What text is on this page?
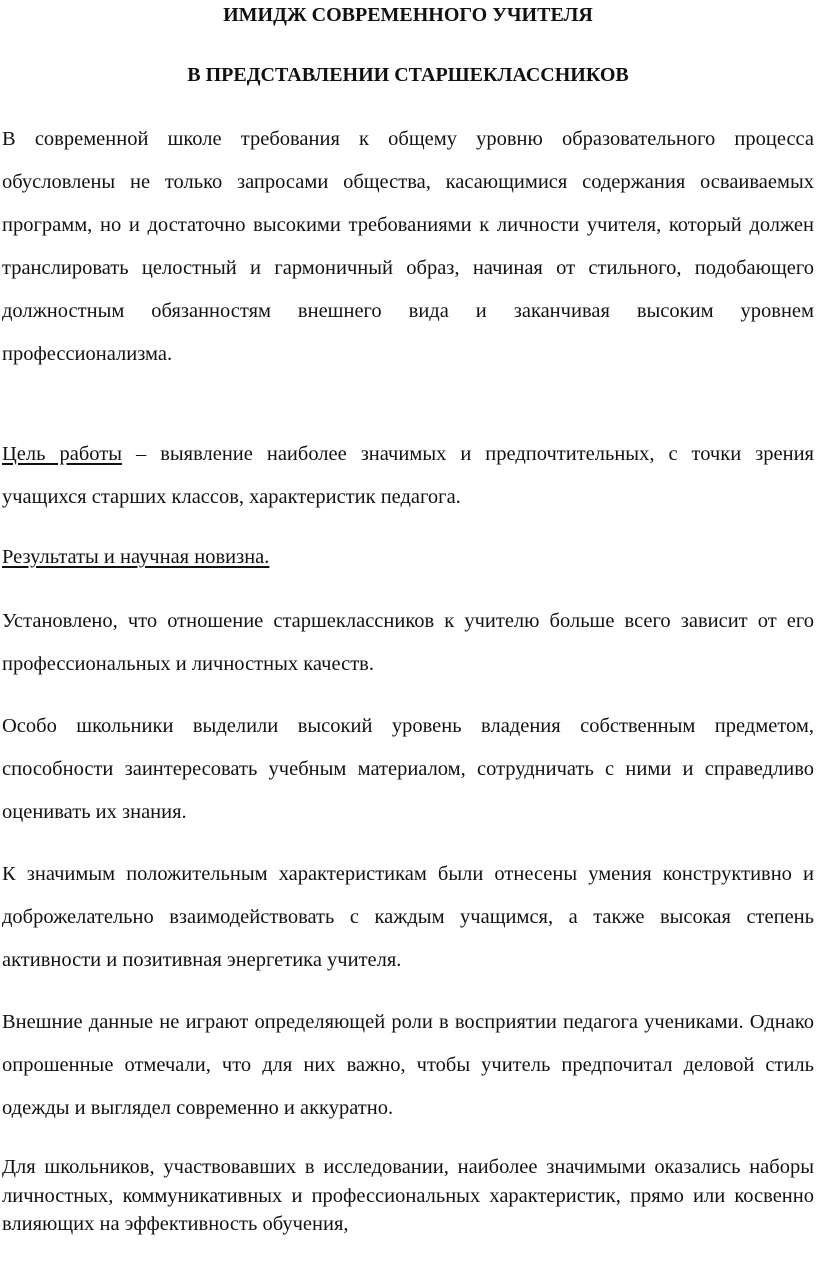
ИМИДЖ СОВРЕМЕННОГО УЧИТЕЛЯ
В ПРЕДСТАВЛЕНИИ СТАРШЕКЛАССНИКОВ

В современной школе требования к общему уровню образовательного процесса обусловлены не только запросами общества, касающимися содержания осваиваемых программ, но и достаточно высокими требованиями к личности учителя, который должен транслировать целостный и гармоничный образ, начиная от стильного, подобающего должностным обязанностям внешнего вида и заканчивая высоким уровнем профессионализма.

Цель работы – выявление наиболее значимых и предпочтительных, с точки зрения учащихся старших классов, характеристик педагога.

Результаты и научная новизна.

Установлено, что отношение старшеклассников к учителю больше всего зависит от его профессиональных и личностных качеств.

Особо школьники выделили высокий уровень владения собственным предметом, способности заинтересовать учебным материалом, сотрудничать с ними и справедливо оценивать их знания.

К значимым положительным характеристикам были отнесены умения конструктивно и доброжелательно взаимодействовать с каждым учащимся, а также высокая степень активности и позитивная энергетика учителя.

Внешние данные не играют определяющей роли в восприятии педагога учениками. Однако опрошенные отмечали, что для них важно, чтобы учитель предпочитал деловой стиль одежды и выглядел современно и аккуратно.

Для школьников, участвовавших в исследовании, наиболее значимыми оказались наборы личностных, коммуникативных и профессиональных характеристик, прямо или косвенно влияющих на эффективность обучения,
